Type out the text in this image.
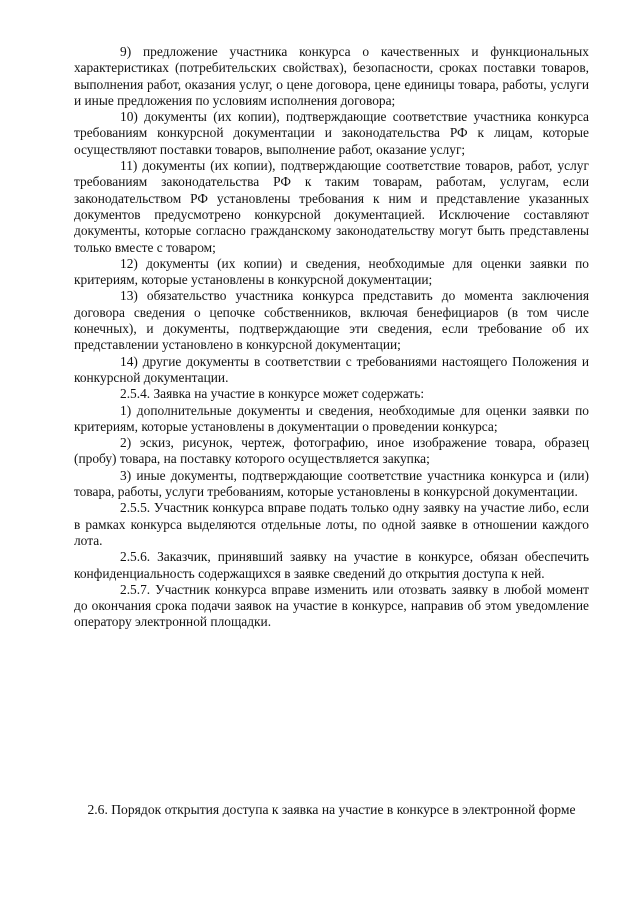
9) предложение участника конкурса о качественных и функциональных характеристиках (потребительских свойствах), безопасности, сроках поставки товаров, выполнения работ, оказания услуг, о цене договора, цене единицы товара, работы, услуги и иные предложения по условиям исполнения договора;

10) документы (их копии), подтверждающие соответствие участника конкурса требованиям конкурсной документации и законодательства РФ к лицам, которые осуществляют поставки товаров, выполнение работ, оказание услуг;

11) документы (их копии), подтверждающие соответствие товаров, работ, услуг требованиям законодательства РФ к таким товарам, работам, услугам, если законодательством РФ установлены требования к ним и представление указанных документов предусмотрено конкурсной документацией. Исключение составляют документы, которые согласно гражданскому законодательству могут быть представлены только вместе с товаром;

12) документы (их копии) и сведения, необходимые для оценки заявки по критериям, которые установлены в конкурсной документации;

13) обязательство участника конкурса представить до момента заключения договора сведения о цепочке собственников, включая бенефициаров (в том числе конечных), и документы, подтверждающие эти сведения, если требование об их представлении установлено в конкурсной документации;

14) другие документы в соответствии с требованиями настоящего Положения и конкурсной документации.

2.5.4. Заявка на участие в конкурсе может содержать:

1) дополнительные документы и сведения, необходимые для оценки заявки по критериям, которые установлены в документации о проведении конкурса;

2) эскиз, рисунок, чертеж, фотографию, иное изображение товара, образец (пробу) товара, на поставку которого осуществляется закупка;

3) иные документы, подтверждающие соответствие участника конкурса и (или) товара, работы, услуги требованиям, которые установлены в конкурсной документации.

2.5.5. Участник конкурса вправе подать только одну заявку на участие либо, если в рамках конкурса выделяются отдельные лоты, по одной заявке в отношении каждого лота.

2.5.6. Заказчик, принявший заявку на участие в конкурсе, обязан обеспечить конфиденциальность содержащихся в заявке сведений до открытия доступа к ней.

2.5.7. Участник конкурса вправе изменить или отозвать заявку в любой момент до окончания срока подачи заявок на участие в конкурсе, направив об этом уведомление оператору электронной площадки.

2.6. Порядок открытия доступа к заявка на участие в конкурсе в электронной форме
